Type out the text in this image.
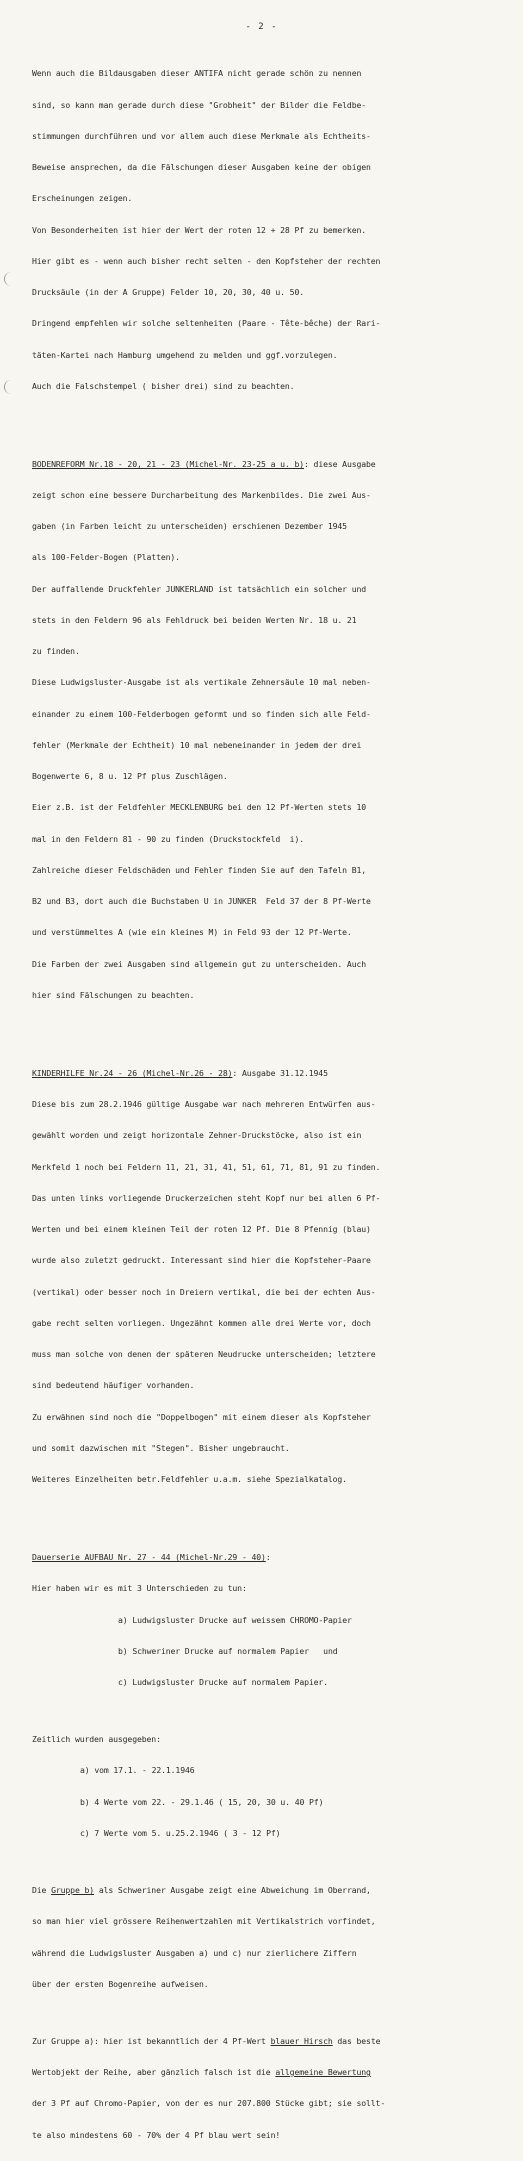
- 2 -

Wenn auch die Bildausgaben dieser ANTIFA nicht gerade schön zu nennen

sind, so kann man gerade durch diese "Grobheit" der Bilder die Feldbe-

stimmungen durchführen und vor allem auch diese Merkmale als Echtheits-

Beweise ansprechen, da die Fälschungen dieser Ausgaben keine der obigen

Erscheinungen zeigen.

Von Besonderheiten ist hier der Wert der roten 12 + 28 Pf zu bemerken.

Hier gibt es - wenn auch bisher recht selten - den Kopfsteher der rechten

Drucksäule (in der A Gruppe) Felder 10, 20, 30, 40 u. 50.

Dringend empfehlen wir solche seltenheiten (Paare - Tête-bêche) der Rari-

täten-Kartei nach Hamburg umgehend zu melden und ggf.vorzulegen.

Auch die Falschstempel ( bisher drei) sind zu beachten.

BODENREFORM Nr.18 - 20, 21 - 23 (Michel-Nr. 23-25 a u. b): diese Ausgabe

zeigt schon eine bessere Durcharbeitung des Markenbildes. Die zwei Aus-

gaben (in Farben leicht zu unterscheiden) erschienen Dezember 1945

als 100-Felder-Bogen (Platten).

Der auffallende Druckfehler JUNKERLAND ist tatsächlich ein solcher und

stets in den Feldern 96 als Fehldruck bei beiden Werten Nr. 18 u. 21

zu finden.

Diese Ludwigsluster-Ausgabe ist als vertikale Zehnersäule 10 mal neben-

einander zu einem 100-Felderbogen geformt und so finden sich alle Feld-

fehler (Merkmale der Echtheit) 10 mal nebeneinander in jedem der drei

Bogenwerte 6, 8 u. 12 Pf plus Zuschlägen.

Eier z.B. ist der Feldfehler MECKLENBURG bei den 12 Pf-Werten stets 10

mal in den Feldern 81 - 90 zu finden (Druckstockfeld  i).

Zahlreiche dieser Feldschäden und Fehler finden Sie auf den Tafeln B1,

B2 und B3, dort auch die Buchstaben U in JUNKER  Feld 37 der 8 Pf-Werte

und verstümmeltes A (wie ein kleines M) in Feld 93 der 12 Pf-Werte.

Die Farben der zwei Ausgaben sind allgemein gut zu unterscheiden. Auch

hier sind Fälschungen zu beachten.

KINDERHILFE Nr.24 - 26 (Michel-Nr.26 - 28): Ausgabe 31.12.1945

Diese bis zum 28.2.1946 gültige Ausgabe war nach mehreren Entwürfen aus-

gewählt worden und zeigt horizontale Zehner-Druckstöcke, also ist ein

Merkfeld 1 noch bei Feldern 11, 21, 31, 41, 51, 61, 71, 81, 91 zu finden.

Das unten links vorliegende Druckerzeichen steht Kopf nur bei allen 6 Pf-

Werten und bei einem kleinen Teil der roten 12 Pf. Die 8 Pfennig (blau)

wurde also zuletzt gedruckt. Interessant sind hier die Kopfsteher-Paare

(vertikal) oder besser noch in Dreiern vertikal, die bei der echten Aus-

gabe recht selten vorliegen. Ungezähnt kommen alle drei Werte vor, doch

muss man solche von denen der späteren Neudrucke unterscheiden; letztere

sind bedeutend häufiger vorhanden.

Zu erwähnen sind noch die "Doppelbogen" mit einem dieser als Kopfsteher

und somit dazwischen mit "Stegen". Bisher ungebraucht.

Weiteres Einzelheiten betr.Feldfehler u.a.m. siehe Spezialkatalog.

Dauerserie AUFBAU Nr. 27 - 44 (Michel-Nr.29 - 40):

Hier haben wir es mit 3 Unterschieden zu tun:

a) Ludwigsluster Drucke auf weissem CHROMO-Papier

b) Schweriner Drucke auf normalem Papier   und

c) Ludwigsluster Drucke auf normalem Papier.

Zeitlich wurden ausgegeben:

a) vom 17.1. - 22.1.1946

b) 4 Werte vom 22. - 29.1.46 ( 15, 20, 30 u. 40 Pf)

c) 7 Werte vom 5. u.25.2.1946 ( 3 - 12 Pf)

Die Gruppe b) als Schweriner Ausgabe zeigt eine Abweichung im Oberrand,

so man hier viel grössere Reihenwertzahlen mit Vertikalstrich vorfindet,

während die Ludwigsluster Ausgaben a) und c) nur zierlichere Ziffern

über der ersten Bogenreihe aufweisen.

Zur Gruppe a): hier ist bekanntlich der 4 Pf-Wert blauer Hirsch das beste

Wertobjekt der Reihe, aber gänzlich falsch ist die allgemeine Bewertung

der 3 Pf auf Chromo-Papier, von der es nur 207.800 Stücke gibt; sie sollt-

te also mindestens 60 - 70% der 4 Pf blau wert sein!
